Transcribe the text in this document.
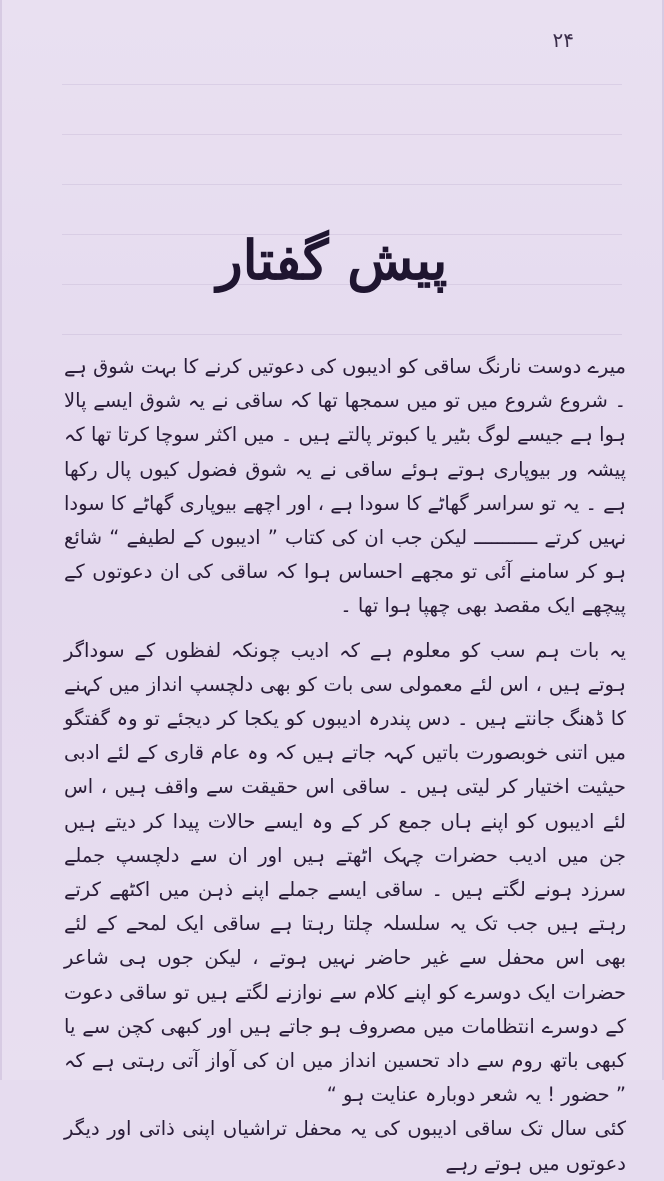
۲۴
پیش گفتار

میرے دوست نارنگ ساقی کو ادیبوں کی دعوتیں کرنے کا بہت شوق ہے ۔ شروع شروع میں تو میں سمجھا تھا کہ ساقی نے یہ شوق ایسے پالا ہوا ہے جیسے لوگ بٹیر یا کبوتر پالتے ہیں ۔ میں اکثر سوچا کرتا تھا کہ پیشہ ور بیوپاری ہوتے ہوئے ساقی نے یہ شوق فضول کیوں پال رکھا ہے ۔ یہ تو سراسر گھاٹے کا سودا ہے ، اور اچھے بیوپاری گھاٹے کا سودا نہیں کرتے ـــــــــــ لیکن جب ان کی کتاب ” ادیبوں کے لطیفے “ شائع ہو کر سامنے آئی تو مجھے احساس ہوا کہ ساقی کی ان دعوتوں کے پیچھے ایک مقصد بھی چھپا ہوا تھا ۔

یہ بات ہم سب کو معلوم ہے کہ ادیب چونکہ لفظوں کے سوداگر ہوتے ہیں ، اس لئے معمولی سی بات کو بھی دلچسپ انداز میں کہنے کا ڈھنگ جانتے ہیں ۔ دس پندرہ ادیبوں کو یکجا کر دیجئے تو وہ گفتگو میں اتنی خوبصورت باتیں کہہ جاتے ہیں کہ وہ عام قاری کے لئے ادبی حیثیت اختیار کر لیتی ہیں ۔ ساقی اس حقیقت سے واقف ہیں ، اس لئے ادیبوں کو اپنے ہاں جمع کر کے وہ ایسے حالات پیدا کر دیتے ہیں جن میں ادیب حضرات چہک اٹھتے ہیں اور ان سے دلچسپ جملے سرزد ہونے لگتے ہیں ۔ ساقی ایسے جملے اپنے ذہن میں اکٹھے کرتے رہتے ہیں جب تک یہ سلسلہ چلتا رہتا ہے ساقی ایک لمحے کے لئے بھی اس محفل سے غیر حاضر نہیں ہوتے ، لیکن جوں ہی شاعر حضرات ایک دوسرے کو اپنے کلام سے نوازنے لگتے ہیں تو ساقی دعوت کے دوسرے انتظامات میں مصروف ہو جاتے ہیں اور کبھی کچن سے یا کبھی باتھ روم سے داد تحسین انداز میں ان کی آواز آتی رہتی ہے کہ ” حضور ! یہ شعر دوبارہ عنایت ہو “

کئی سال تک ساقی ادیبوں کی یہ محفل تراشیاں اپنی ذاتی اور دیگر دعوتوں میں ہوتے رہے
